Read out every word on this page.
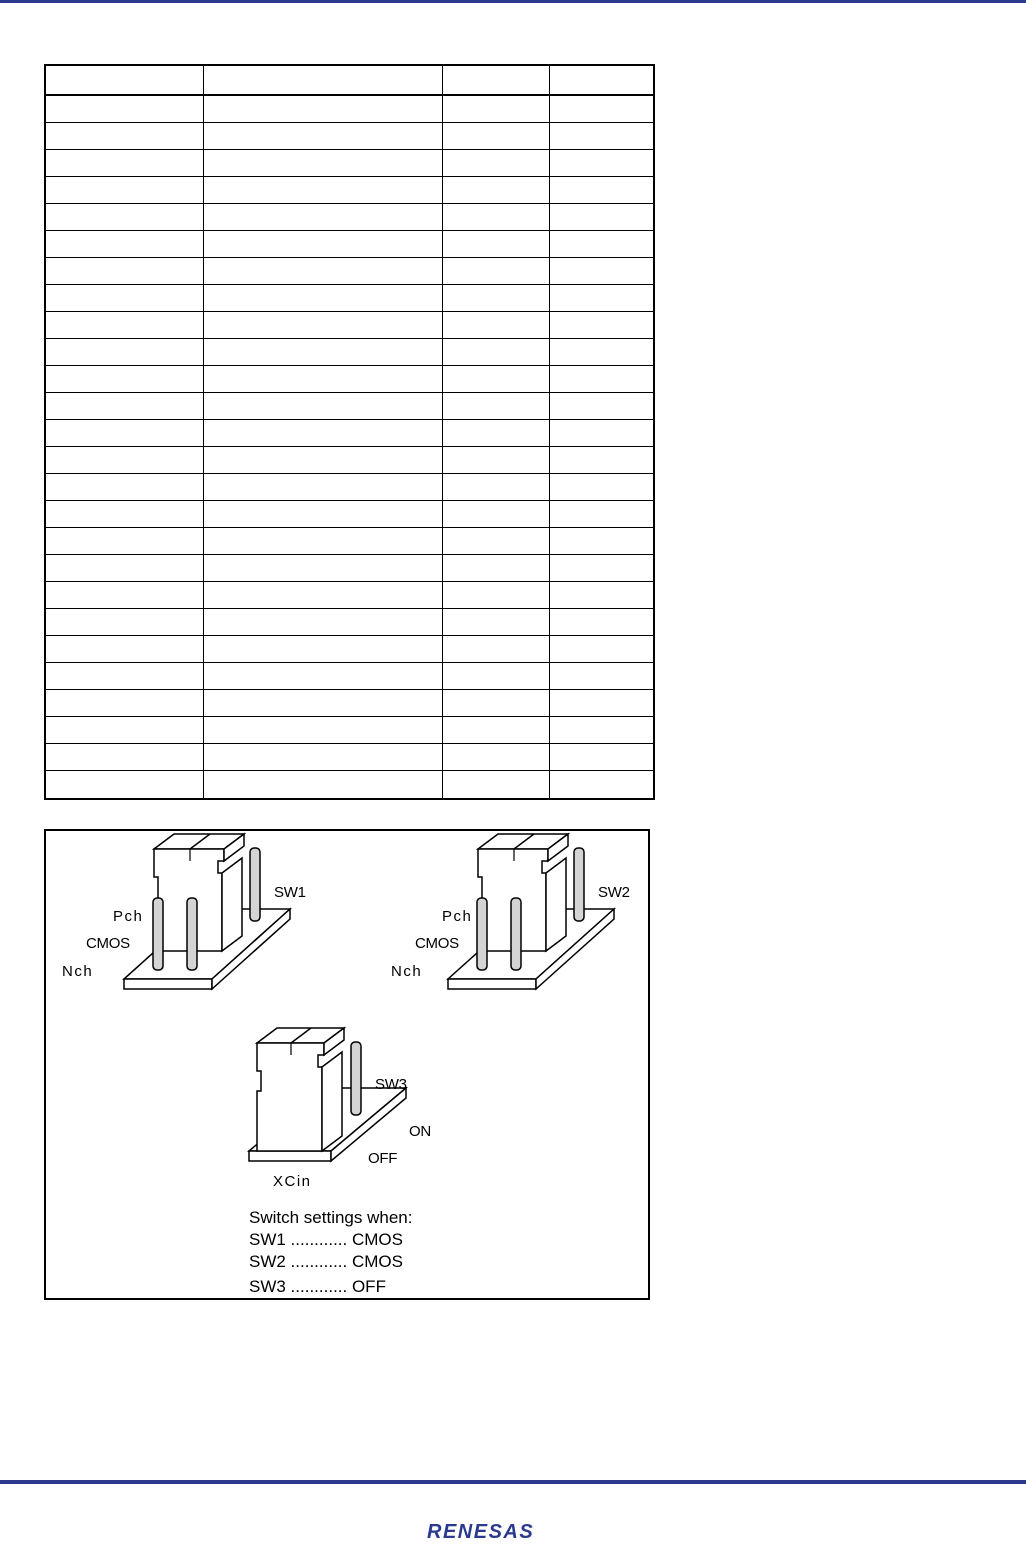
SW1
Pch
CMOS
Nch
SW2
Pch
CMOS
Nch
SW3
ON
OFF
XCin
Switch settings when:
SW1 ............ CMOS
SW2 ............ CMOS
SW3 ............ OFF
RENESAS
